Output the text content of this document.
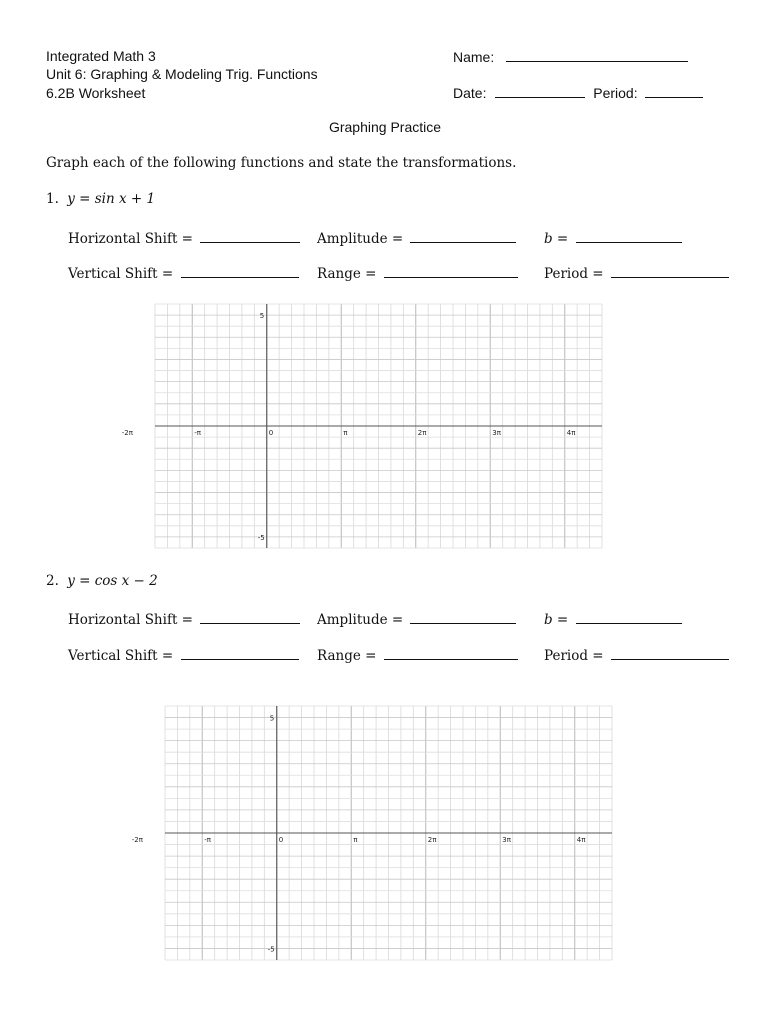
Integrated Math 3
Unit 6: Graphing & Modeling Trig. Functions
6.2B Worksheet
Name:
Date:	Period:
Graphing Practice
Graph each of the following functions and state the transformations.
1. y = sin x + 1
Horizontal Shift =	Amplitude =	b =
Vertical Shift =	Range =	Period =
-2π	-π	0	π	2π	3π	4π
5
-5
2. y = cos x − 2
Horizontal Shift =	Amplitude =	b =
Vertical Shift =	Range =	Period =
-2π	-π	0	π	2π	3π	4π
5
-5
